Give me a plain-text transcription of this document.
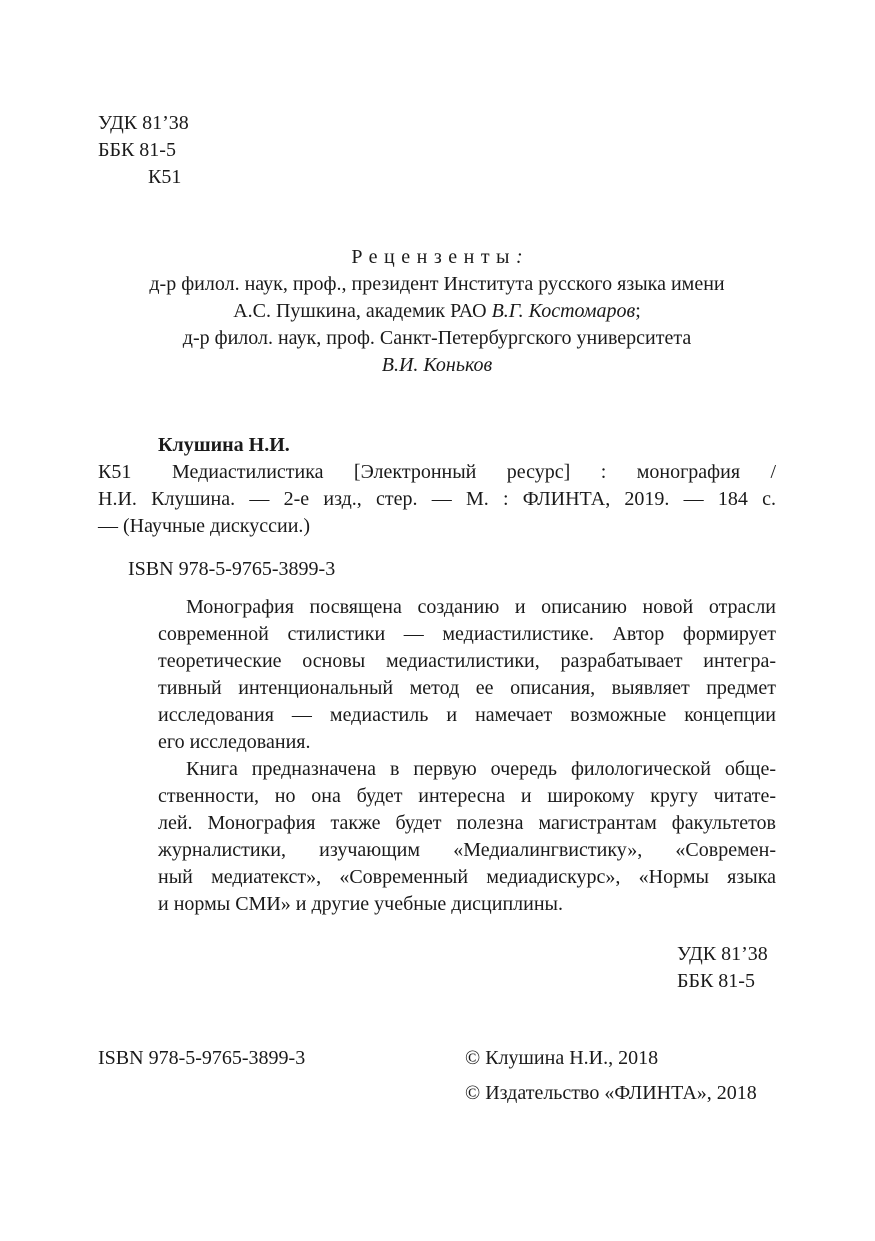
УДК 81’38
ББК 81-5
К51
Рецензенты:
д-р филол. наук, проф., президент Института русского языка имени
А.С. Пушкина, академик РАО В.Г. Костомаров;
д-р филол. наук, проф. Санкт-Петербургского университета
В.И. Коньков
Клушина Н.И.
К51 Медиастилистика [Электронный ресурс] : монография /
Н.И. Клушина. — 2-е изд., стер. — М. : ФЛИНТА, 2019. — 184 с.
— (Научные дискуссии.)
ISBN 978-5-9765-3899-3
Монография посвящена созданию и описанию новой отрасли
современной стилистики — медиастилистике. Автор формирует
теоретические основы медиастилистики, разрабатывает интегра-
тивный интенциональный метод ее описания, выявляет предмет
исследования — медиастиль и намечает возможные концепции
его исследования.
Книга предназначена в первую очередь филологической обще-
ственности, но она будет интересна и широкому кругу читате-
лей. Монография также будет полезна магистрантам факультетов
журналистики, изучающим «Медиалингвистику», «Современ-
ный медиатекст», «Современный медиадискурс», «Нормы языка
и нормы СМИ» и другие учебные дисциплины.
УДК 81’38
ББК 81-5
ISBN 978-5-9765-3899-3	© Клушина Н.И., 2018
© Издательство «ФЛИНТА», 2018
